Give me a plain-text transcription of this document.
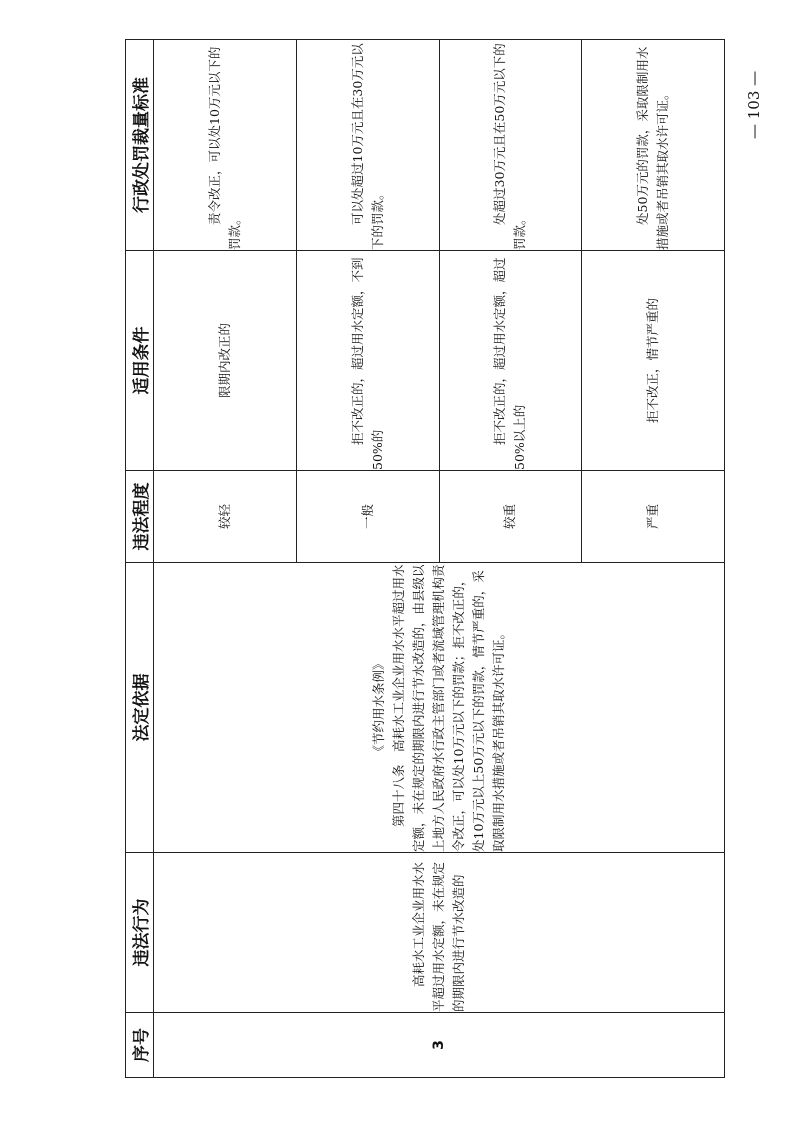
序号	违法行为	法定依据	违法程度	适用条件	行政处罚裁量标准
3	高耗水工业企业用水水平超过用水定额，未在规定的期限内进行节水改造的	《节约用水条例》 第四十八条　高耗水工业企业用水水平超过用水定额，未在规定的期限内进行节水改造的，由县级以上地方人民政府水行政主管部门或者流域管理机构责令改正，可以处10万元以下的罚款；拒不改正的，处10万元以上50万元以下的罚款，情节严重的，采取限制用水措施或者吊销其取水许可证。	较轻	限期内改正的	责令改正，可以处10万元以下的罚款。
			一般	拒不改正的，超过用水定额，不到50%的	可以处超过10万元且在30万元以下的罚款。
			较重	拒不改正的，超过用水定额，超过50%以上的	处超过30万元且在50万元以下的罚款。
			严重	拒不改正，情节严重的	处50万元的罚款，采取限制用水措施或者吊销其取水许可证。	— 103 —
